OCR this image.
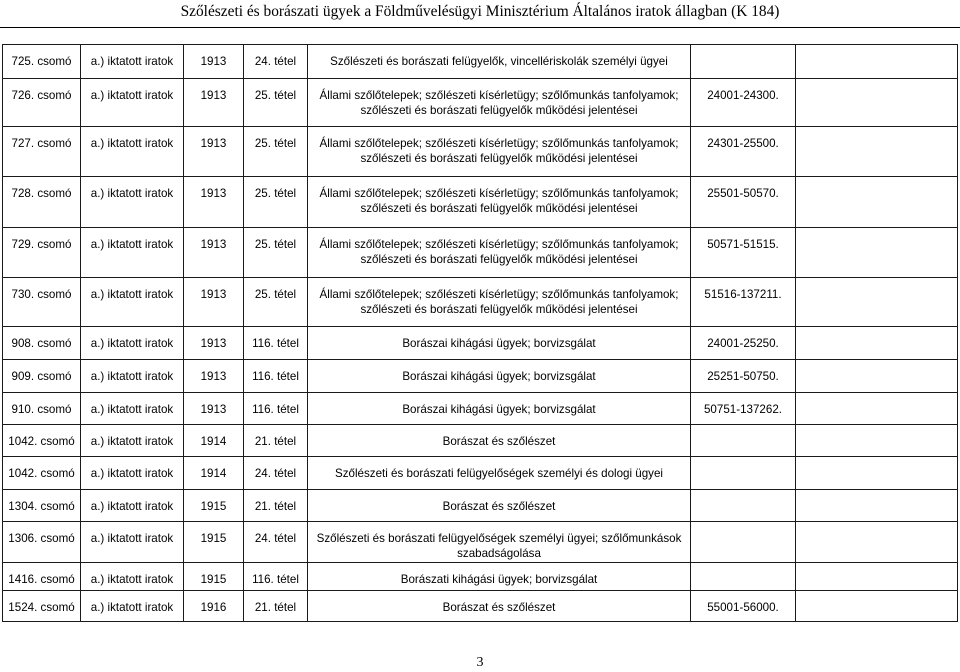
Szőlészeti és borászati ügyek a Földművelésügyi Minisztérium Általános iratok állagban (K 184)
725. csomó	a.) iktatott iratok	1913	24. tétel	Szőlészeti és borászati felügyelők, vincellériskolák személyi ügyei		
726. csomó	a.) iktatott iratok	1913	25. tétel	Állami szőlőtelepek; szőlészeti kísérletügy; szőlőmunkás tanfolyamok; szőlészeti és borászati felügyelők működési jelentései	24001-24300.	
727. csomó	a.) iktatott iratok	1913	25. tétel	Állami szőlőtelepek; szőlészeti kísérletügy; szőlőmunkás tanfolyamok; szőlészeti és borászati felügyelők működési jelentései	24301-25500.	
728. csomó	a.) iktatott iratok	1913	25. tétel	Állami szőlőtelepek; szőlészeti kísérletügy; szőlőmunkás tanfolyamok; szőlészeti és borászati felügyelők működési jelentései	25501-50570.	
729. csomó	a.) iktatott iratok	1913	25. tétel	Állami szőlőtelepek; szőlészeti kísérletügy; szőlőmunkás tanfolyamok; szőlészeti és borászati felügyelők működési jelentései	50571-51515.	
730. csomó	a.) iktatott iratok	1913	25. tétel	Állami szőlőtelepek; szőlészeti kísérletügy; szőlőmunkás tanfolyamok; szőlészeti és borászati felügyelők működési jelentései	51516-137211.	
908. csomó	a.) iktatott iratok	1913	116. tétel	Borászai kihágási ügyek; borvizsgálat	24001-25250.	
909. csomó	a.) iktatott iratok	1913	116. tétel	Borászai kihágási ügyek; borvizsgálat	25251-50750.	
910. csomó	a.) iktatott iratok	1913	116. tétel	Borászai kihágási ügyek; borvizsgálat	50751-137262.	
1042. csomó	a.) iktatott iratok	1914	21. tétel	Borászat és szőlészet		
1042. csomó	a.) iktatott iratok	1914	24. tétel	Szőlészeti és borászati felügyelőségek személyi és dologi ügyei		
1304. csomó	a.) iktatott iratok	1915	21. tétel	Borászat és szőlészet		
1306. csomó	a.) iktatott iratok	1915	24. tétel	Szőlészeti és borászati felügyelőségek személyi ügyei; szőlőmunkások szabadságolása		
1416. csomó	a.) iktatott iratok	1915	116. tétel	Borászati kihágási ügyek; borvizsgálat		
1524. csomó	a.) iktatott iratok	1916	21. tétel	Borászat és szőlészet	55001-56000.	
3
